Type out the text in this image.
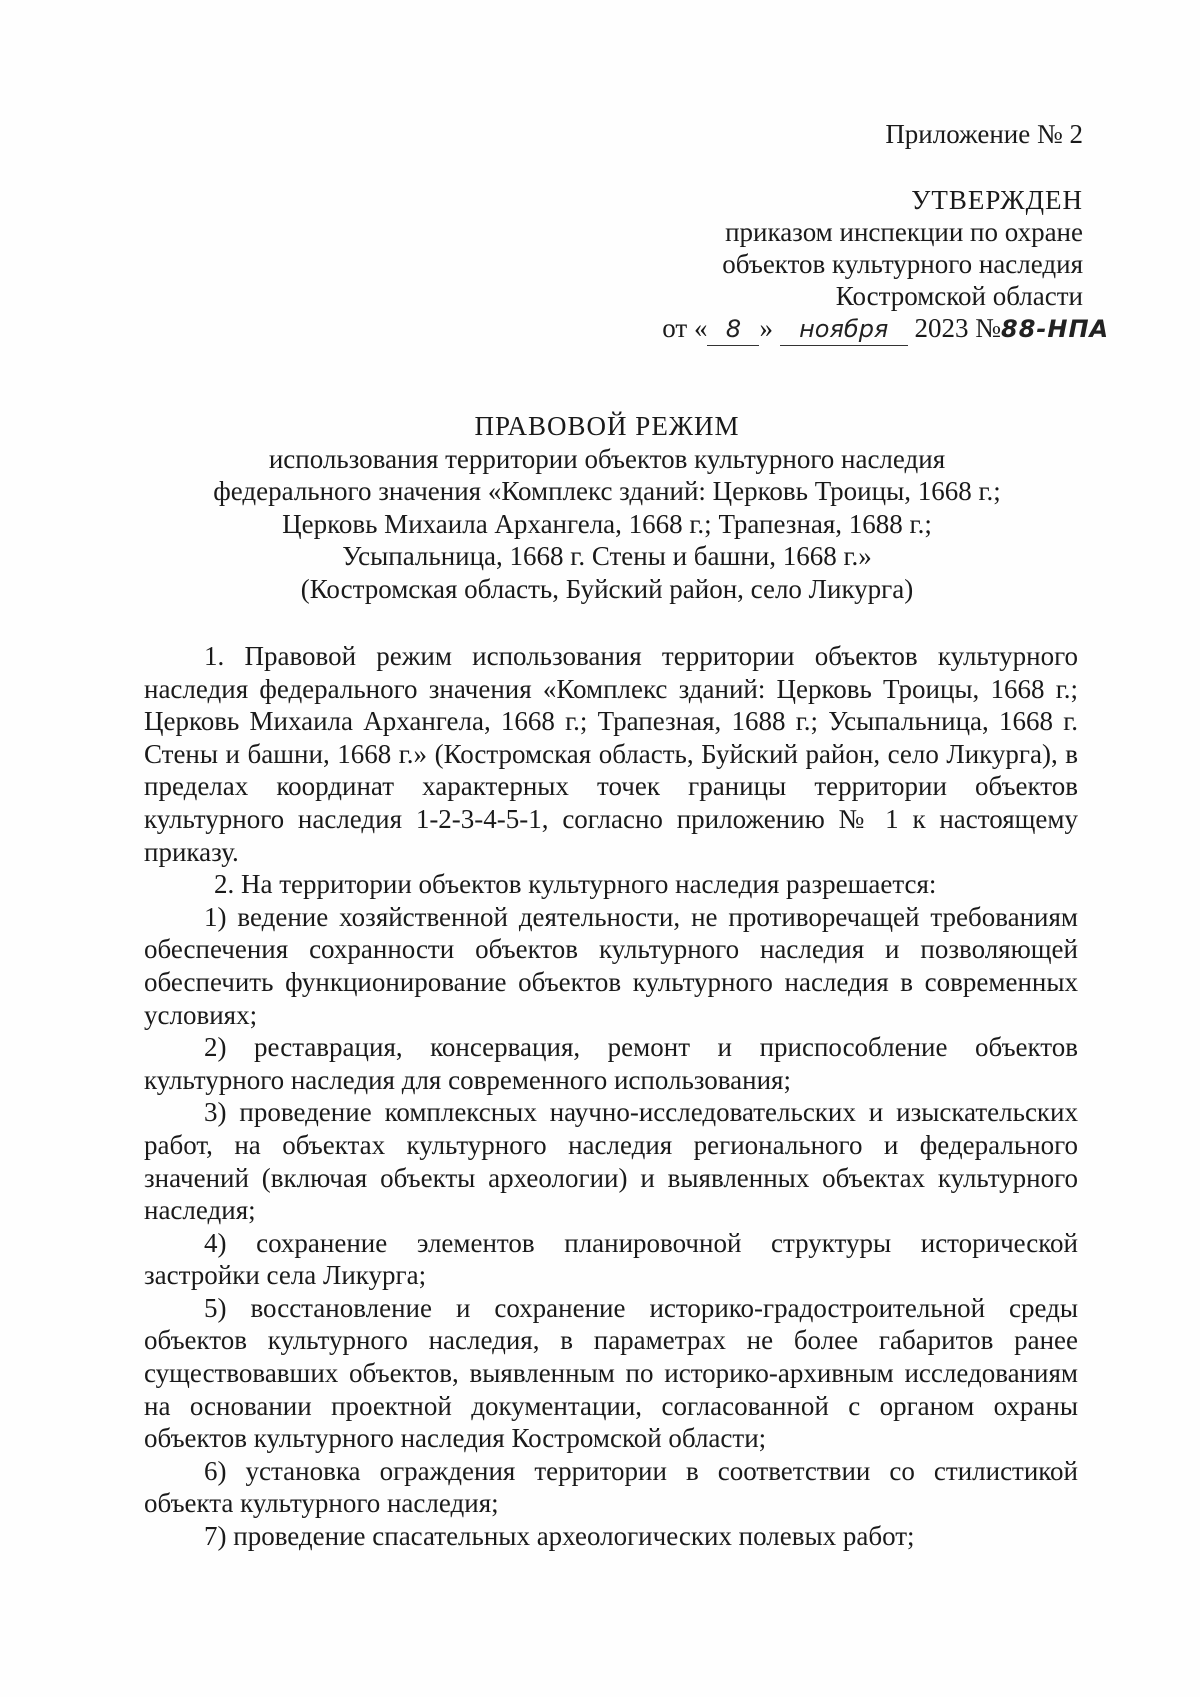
Приложение № 2
УТВЕРЖДЕН
приказом инспекции по охране
объектов культурного наследия
Костромской области
от « 8 » ноября 2023 №88-НПА
ПРАВОВОЙ РЕЖИМ
использования территории объектов культурного наследия
федерального значения «Комплекс зданий: Церковь Троицы, 1668 г.;
Церковь Михаила Архангела, 1668 г.; Трапезная, 1688 г.;
Усыпальница, 1668 г. Стены и башни, 1668 г.»
(Костромская область, Буйский район, село Ликурга)

1. Правовой режим использования территории объектов культурного наследия федерального значения «Комплекс зданий: Церковь Троицы, 1668 г.; Церковь Михаила Архангела, 1668 г.; Трапезная, 1688 г.; Усыпальница, 1668 г. Стены и башни, 1668 г.» (Костромская область, Буйский район, село Ликурга), в пределах координат характерных точек границы территории объектов культурного наследия 1-2-3-4-5-1, согласно приложению № 1 к настоящему приказу.

2. На территории объектов культурного наследия разрешается:

1) ведение хозяйственной деятельности, не противоречащей требованиям обеспечения сохранности объектов культурного наследия и позволяющей обеспечить функционирование объектов культурного наследия в современных условиях;

2) реставрация, консервация, ремонт и приспособление объектов культурного наследия для современного использования;

3) проведение комплексных научно-исследовательских и изыскательских работ, на объектах культурного наследия регионального и федерального значений (включая объекты археологии) и выявленных объектах культурного наследия;

4) сохранение элементов планировочной структуры исторической застройки села Ликурга;

5) восстановление и сохранение историко-градостроительной среды объектов культурного наследия, в параметрах не более габаритов ранее существовавших объектов, выявленным по историко-архивным исследованиям на основании проектной документации, согласованной с органом охраны объектов культурного наследия Костромской области;

6) установка ограждения территории в соответствии со стилистикой объекта культурного наследия;

7) проведение спасательных археологических полевых работ;
